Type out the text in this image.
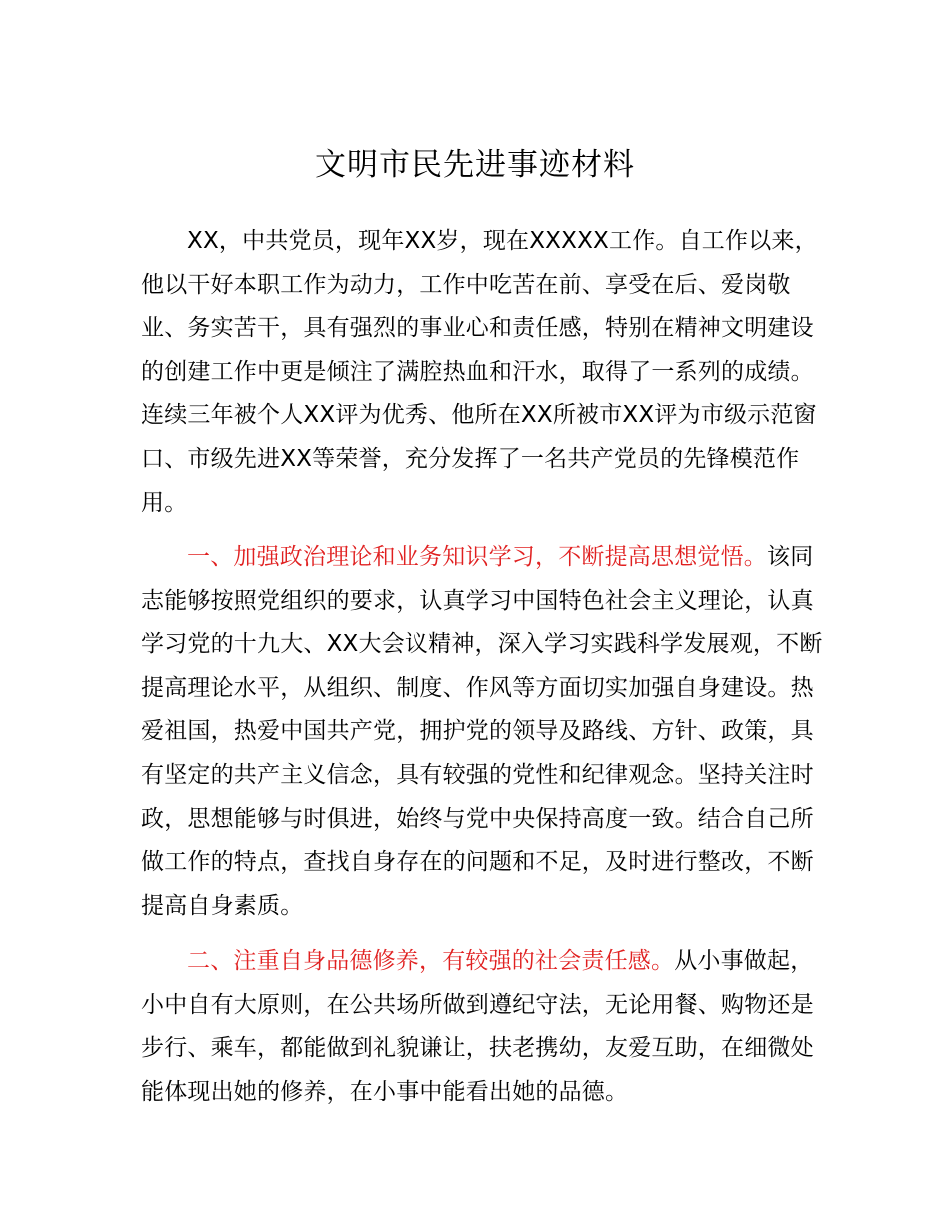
文明市民先进事迹材料

XX，中共党员，现年XX岁，现在XXXXX工作。自工作以来，他以干好本职工作为动力，工作中吃苦在前、享受在后、爱岗敬业、务实苦干，具有强烈的事业心和责任感，特别在精神文明建设的创建工作中更是倾注了满腔热血和汗水，取得了一系列的成绩。连续三年被个人XX评为优秀、他所在XX所被市XX评为市级示范窗口、市级先进XX等荣誉，充分发挥了一名共产党员的先锋模范作用。

一、加强政治理论和业务知识学习，不断提高思想觉悟。该同志能够按照党组织的要求，认真学习中国特色社会主义理论，认真学习党的十九大、XX大会议精神，深入学习实践科学发展观，不断提高理论水平，从组织、制度、作风等方面切实加强自身建设。热爱祖国，热爱中国共产党，拥护党的领导及路线、方针、政策，具有坚定的共产主义信念，具有较强的党性和纪律观念。坚持关注时政，思想能够与时俱进，始终与党中央保持高度一致。结合自己所做工作的特点，查找自身存在的问题和不足，及时进行整改，不断提高自身素质。

二、注重自身品德修养，有较强的社会责任感。从小事做起，小中自有大原则，在公共场所做到遵纪守法，无论用餐、购物还是步行、乘车，都能做到礼貌谦让，扶老携幼，友爱互助，在细微处能体现出她的修养，在小事中能看出她的品德。
